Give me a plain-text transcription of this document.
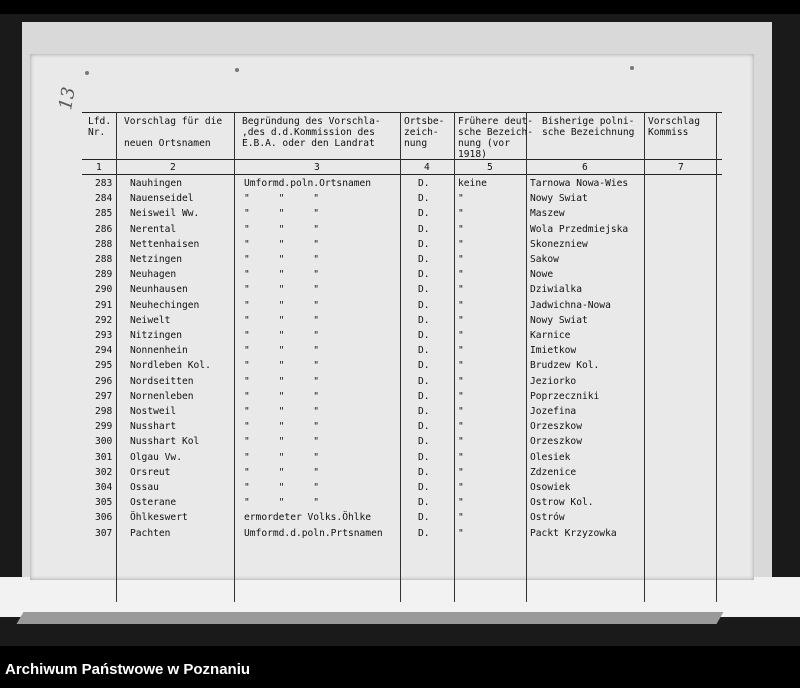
13
Lfd.
Nr.
Vorschlag für die

neuen Ortsnamen
Begründung des Vorschla-
,des d.d.Kommission des
E.B.A. oder den Landrat
Ortsbe-
zeich-
nung
Frühere deut-
sche Bezeich-
nung (vor
1918)
Bisherige polni-
sche Bezeichnung
Vorschlag
Kommiss
1	2	3	4	5	6	7
283 Nauhingen	Umformd.poln.Ortsnamen	D.	keine	Tarnowa Nowa-Wies
284 Nauenseidel	"     "     "	D.	"	Nowy Swiat
285 Neisweil Ww.	"     "     "	D.	"	Maszew
286 Nerental	"     "     "	D.	"	Wola Przedmiejska
288 Nettenhaisen	"     "     "	D.	"	Skonezniew
288 Netzingen	"     "     "	D.	"	Sakow
289 Neuhagen	"     "     "	D.	"	Nowe
290 Neunhausen	"     "     "	D.	"	Dziwialka
291 Neuhechingen	"     "     "	D.	"	Jadwichna-Nowa
292 Neiwelt	"     "     "	D.	"	Nowy Swiat
293 Nitzingen	"     "     "	D.	"	Karnice
294 Nonnenhein	"     "     "	D.	"	Imietkow
295 Nordleben Kol.	"     "     "	D.	"	Brudzew Kol.
296 Nordseitten	"     "     "	D.	"	Jeziorko
297 Nornenleben	"     "     "	D.	"	Poprzeczniki
298 Nostweil	"     "     "	D.	"	Jozefina
299 Nusshart	"     "     "	D.	"	Orzeszkow
300 Nusshart Kol	"     "     "	D.	"	Orzeszkow
301 Olgau Vw.	"     "     "	D.	"	Olesiek
302 Orsreut	"     "     "	D.	"	Zdzenice
304 Ossau	"     "     "	D.	"	Osowiek
305 Osterane	"     "     "	D.	"	Ostrow Kol.
306 Öhlkeswert	ermordeter Volks.Öhlke	D.	"	Ostrów
307 Pachten	Umformd.d.poln.Prtsnamen	D.	"	Packt Krzyzowka
Archiwum Państwowe w Poznaniu
